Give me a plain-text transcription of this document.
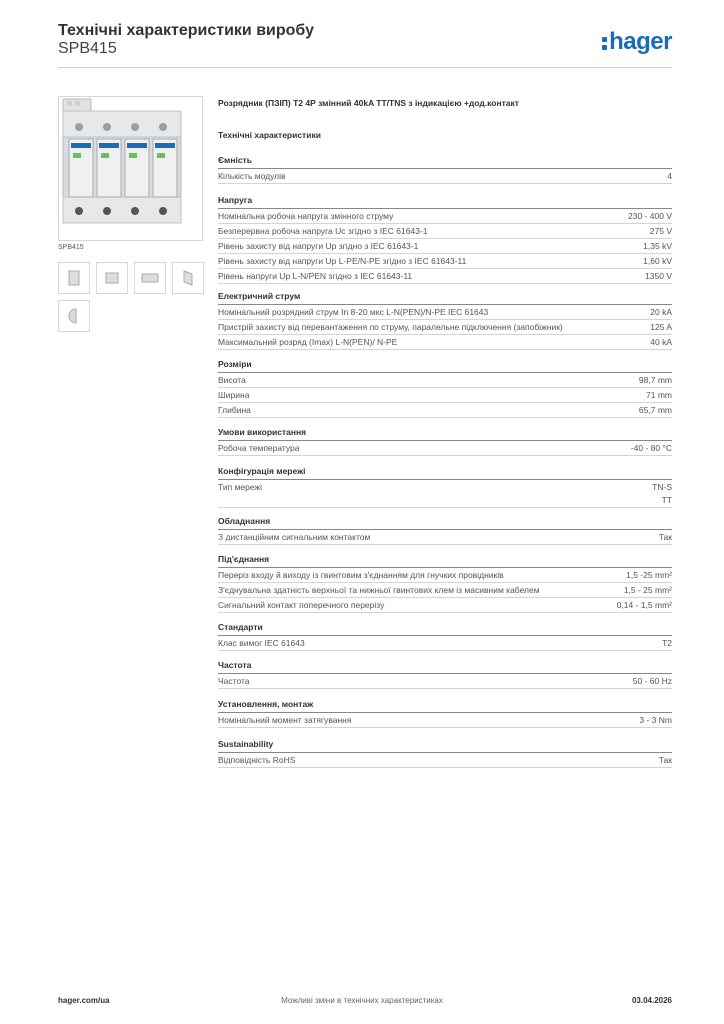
Технічні характеристики виробу
SPB415	hager
SPB415
Розрядник (ПЗІП) Т2 4Р змінний 40kA TT/TNS з індикацією +дод.контакт
Технічні характеристики
Ємність
Кількість модулів	4
Напруга
Номінальна робоча напруга змінного струму	230 - 400 V
Безперервна робоча напруга Uc згідно з IEC 61643-1	275 V
Рівень захисту від напруги Up згідно з IEC 61643-1	1,35 kV
Рівень захисту від напруги Up L-PE/N-PE згідно з IEC 61643-11	1,60 kV
Рівень напруги Up L-N/PEN згідно з IEC 61643-11	1350 V
Електричний струм
Номінальний розрядний струм In 8-20 мкс L-N(PEN)/N-PE IEC 61643	20 kA
Пристрій захисту від перевантаження по струму, паралельне підключення (запобіжник)	125 A
Максимальний розряд (Imax) L-N(PEN)/ N-PE	40 kA
Розміри
Висота	98,7 mm
Ширина	71 mm
Глибина	65,7 mm
Умови використання
Робоча температура	-40 - 80 °C
Конфігурація мережі
Тип мережі	TN-S
TT
Обладнання
З дистанційним сигнальним контактом	Так
Під'єднання
Переріз входу й виходу із гвинтовим з'єднанням для гнучких провідників	1,5 -25 mm²
З'єднувальна здатність верхньої та нижньої гвинтових клем із масивним кабелем	1,5 - 25 mm²
Сигнальний контакт поперечного перерізу	0,14 - 1,5 mm²
Стандарти
Клас вимог IEC 61643	T2
Частота
Частота	50 - 60 Hz
Установлення, монтаж
Номінальний момент затягування	3 - 3 Nm
Sustainability
Відповідність RoHS	Так
hager.com/ua	Можливі зміни в технічних характеристиках	03.04.2026
